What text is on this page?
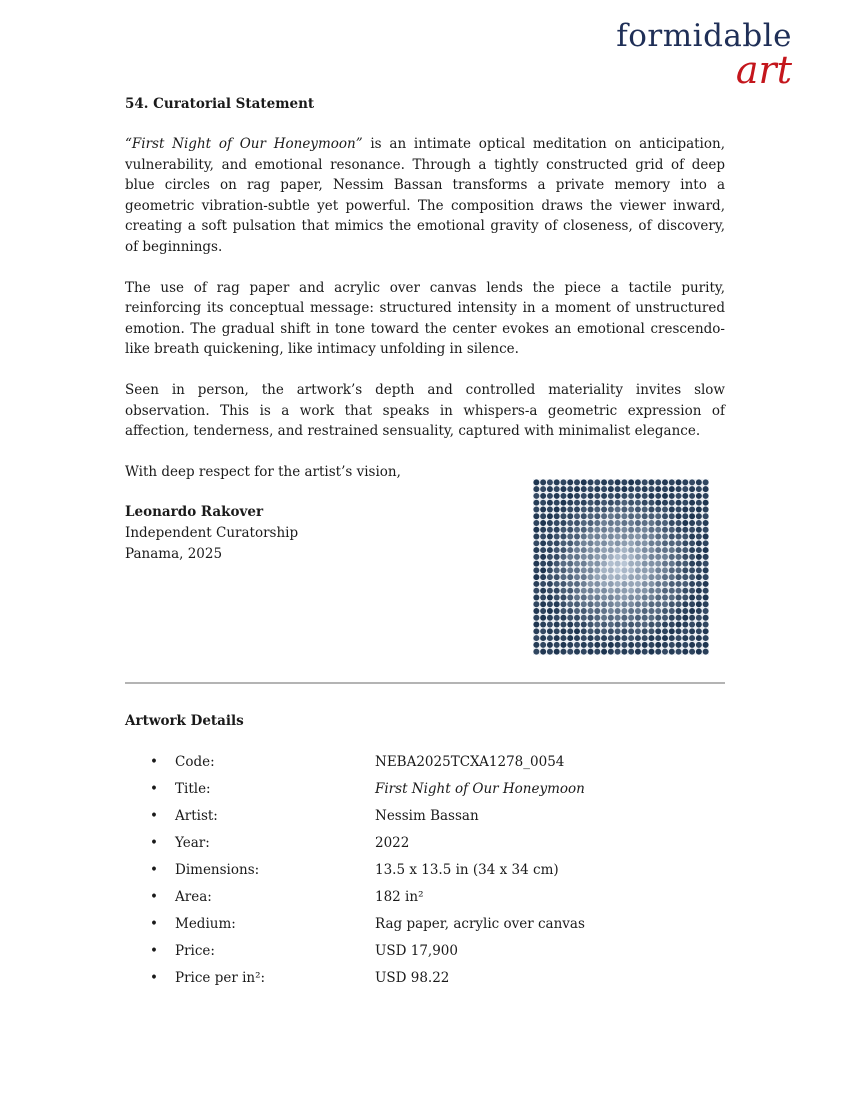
formidable
art
54. Curatorial Statement

“First Night of Our Honeymoon” is an intimate optical meditation on anticipation, vulnerability, and emotional resonance. Through a tightly constructed grid of deep blue circles on rag paper, Nessim Bassan transforms a private memory into a geometric vibration-subtle yet powerful. The composition draws the viewer inward, creating a soft pulsation that mimics the emotional gravity of closeness, of discovery, of beginnings.

The use of rag paper and acrylic over canvas lends the piece a tactile purity, reinforcing its conceptual message: structured intensity in a moment of unstructured emotion. The gradual shift in tone toward the center evokes an emotional crescendo-like breath quickening, like intimacy unfolding in silence.

Seen in person, the artwork’s depth and controlled materiality invites slow observation. This is a work that speaks in whispers-a geometric expression of affection, tenderness, and restrained sensuality, captured with minimalist elegance.

With deep respect for the artist’s vision,

Leonardo Rakover
Independent Curatorship
Panama, 2025
Artwork Details
• Code:	NEBA2025TCXA1278_0054
• Title:	First Night of Our Honeymoon
• Artist:	Nessim Bassan
• Year:	2022
• Dimensions:	13.5 x 13.5 in (34 x 34 cm)
• Area:	182 in²
• Medium:	Rag paper, acrylic over canvas
• Price:	USD 17,900
• Price per in²:	USD 98.22
